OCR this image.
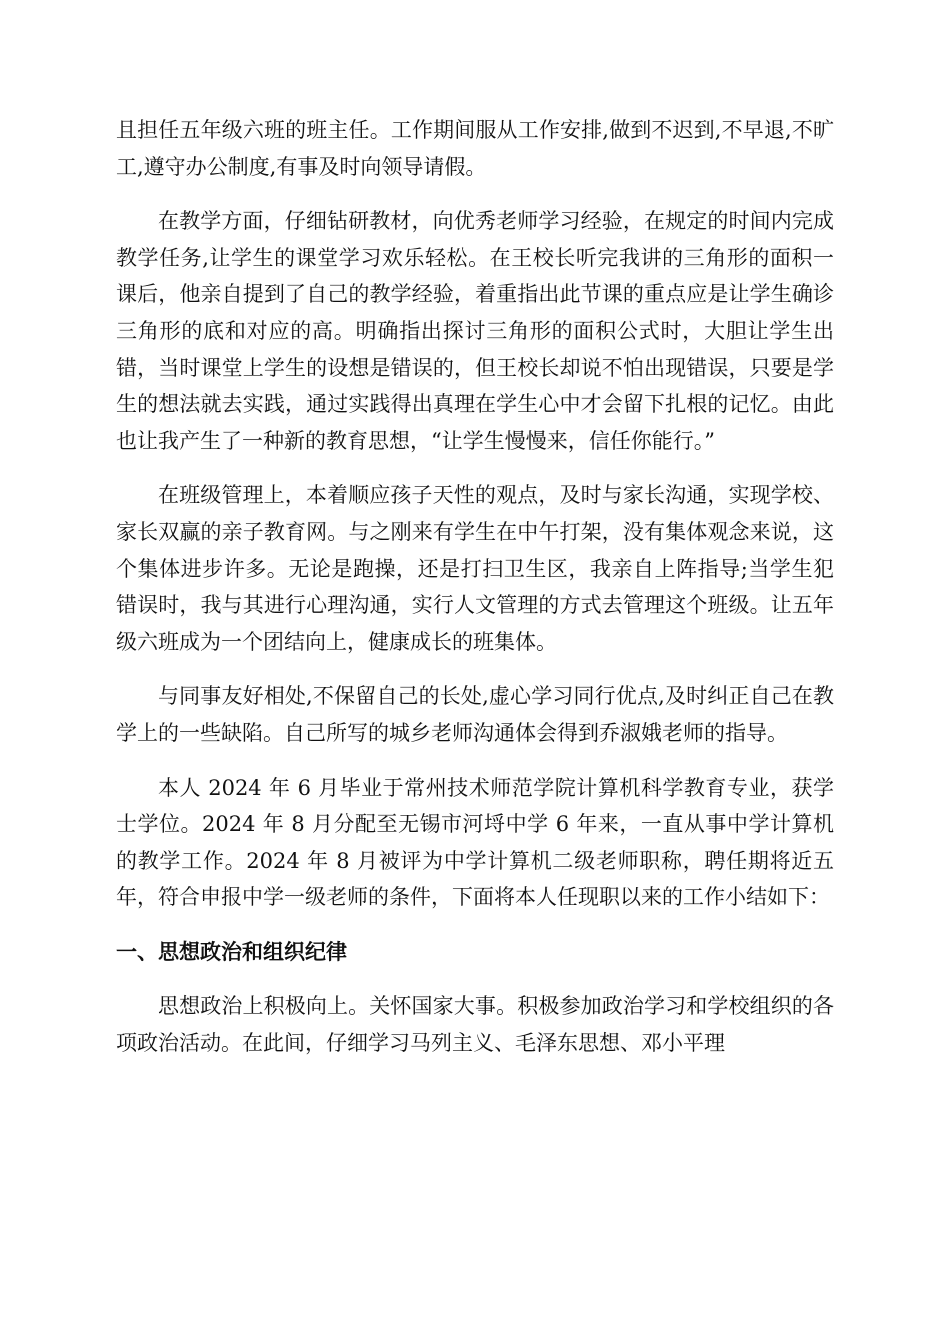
且担任五年级六班的班主任。工作期间服从工作安排,做到不迟到,不早退,不旷工,遵守办公制度,有事及时向领导请假。

在教学方面，仔细钻研教材，向优秀老师学习经验，在规定的时间内完成教学任务,让学生的课堂学习欢乐轻松。在王校长听完我讲的三角形的面积一课后，他亲自提到了自己的教学经验，着重指出此节课的重点应是让学生确诊三角形的底和对应的高。明确指出探讨三角形的面积公式时，大胆让学生出错，当时课堂上学生的设想是错误的，但王校长却说不怕出现错误，只要是学生的想法就去实践，通过实践得出真理在学生心中才会留下扎根的记忆。由此也让我产生了一种新的教育思想，“让学生慢慢来，信任你能行。”

在班级管理上，本着顺应孩子天性的观点，及时与家长沟通，实现学校、家长双赢的亲子教育网。与之刚来有学生在中午打架，没有集体观念来说，这个集体进步许多。无论是跑操，还是打扫卫生区，我亲自上阵指导;当学生犯错误时，我与其进行心理沟通，实行人文管理的方式去管理这个班级。让五年级六班成为一个团结向上，健康成长的班集体。

与同事友好相处,不保留自己的长处,虚心学习同行优点,及时纠正自己在教学上的一些缺陷。自己所写的城乡老师沟通体会得到乔淑娥老师的指导。

本人 2024 年 6 月毕业于常州技术师范学院计算机科学教育专业，获学士学位。2024 年 8 月分配至无锡市河埒中学 6 年来，一直从事中学计算机的教学工作。2024 年 8 月被评为中学计算机二级老师职称，聘任期将近五年，符合申报中学一级老师的条件，下面将本人任现职以来的工作小结如下：

一、思想政治和组织纪律

思想政治上积极向上。关怀国家大事。积极参加政治学习和学校组织的各项政治活动。在此间，仔细学习马列主义、毛泽东思想、邓小平理
